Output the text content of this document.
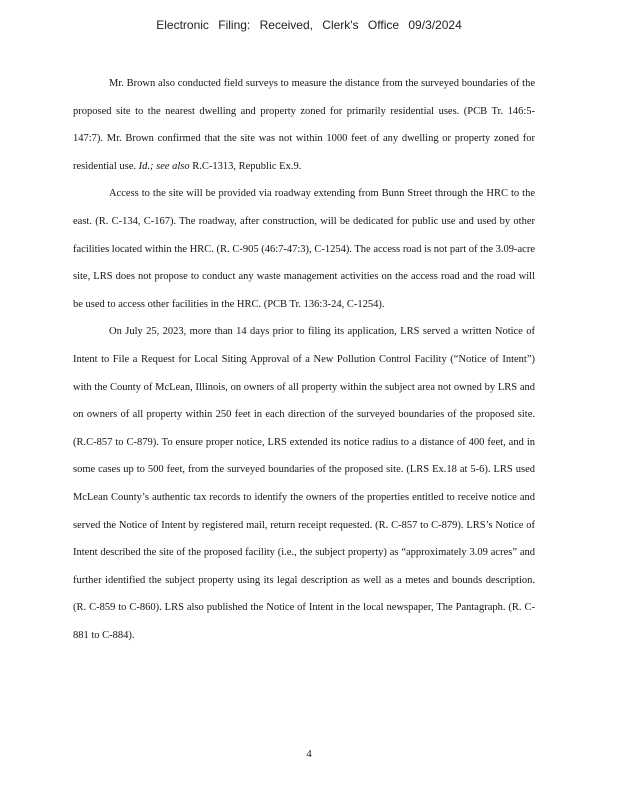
Electronic Filing: Received, Clerk's Office 09/3/2024

Mr. Brown also conducted field surveys to measure the distance from the surveyed boundaries of the proposed site to the nearest dwelling and property zoned for primarily residential uses. (PCB Tr. 146:5-147:7). Mr. Brown confirmed that the site was not within 1000 feet of any dwelling or property zoned for residential use. Id.; see also R.C-1313, Republic Ex.9.

Access to the site will be provided via roadway extending from Bunn Street through the HRC to the east. (R. C-134, C-167). The roadway, after construction, will be dedicated for public use and used by other facilities located within the HRC. (R. C-905 (46:7-47:3), C-1254). The access road is not part of the 3.09-acre site, LRS does not propose to conduct any waste management activities on the access road and the road will be used to access other facilities in the HRC. (PCB Tr. 136:3-24, C-1254).

On July 25, 2023, more than 14 days prior to filing its application, LRS served a written Notice of Intent to File a Request for Local Siting Approval of a New Pollution Control Facility (“Notice of Intent”) with the County of McLean, Illinois, on owners of all property within the subject area not owned by LRS and on owners of all property within 250 feet in each direction of the surveyed boundaries of the proposed site. (R.C-857 to C-879). To ensure proper notice, LRS extended its notice radius to a distance of 400 feet, and in some cases up to 500 feet, from the surveyed boundaries of the proposed site. (LRS Ex.18 at 5-6). LRS used McLean County’s authentic tax records to identify the owners of the properties entitled to receive notice and served the Notice of Intent by registered mail, return receipt requested. (R. C-857 to C-879). LRS’s Notice of Intent described the site of the proposed facility (i.e., the subject property) as “approximately 3.09 acres” and further identified the subject property using its legal description as well as a metes and bounds description. (R. C-859 to C-860). LRS also published the Notice of Intent in the local newspaper, The Pantagraph. (R. C-881 to C-884).

4
